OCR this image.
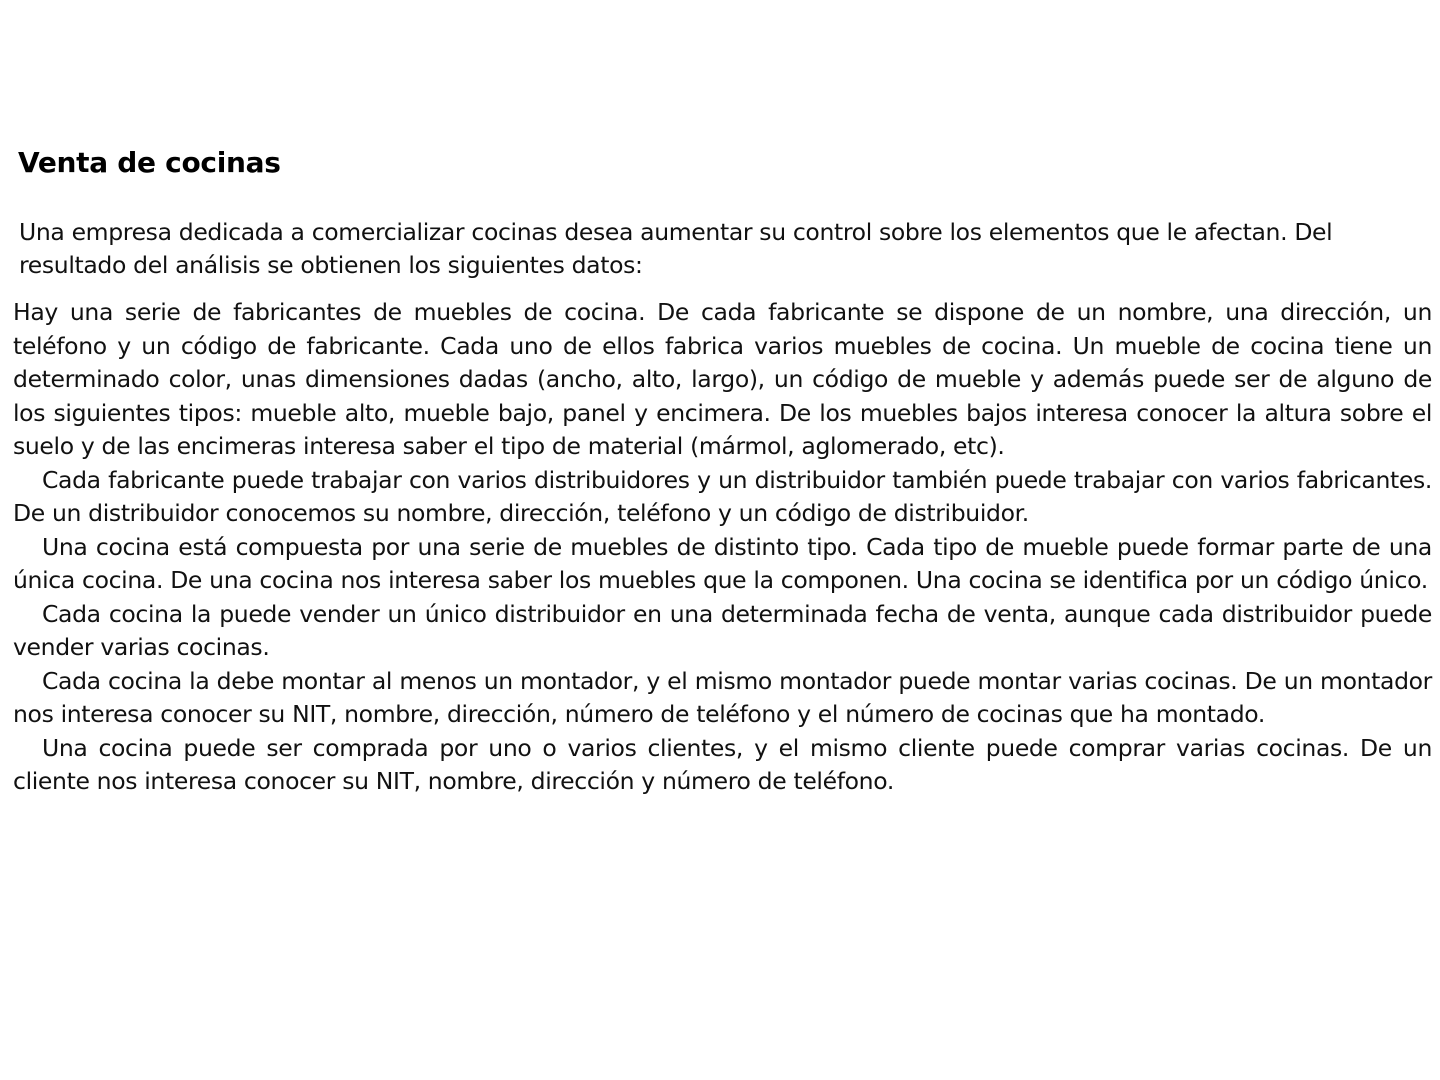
Venta de cocinas

Una empresa dedicada a comercializar cocinas desea aumentar su control sobre los elementos que le afectan. Del resultado del análisis se obtienen los siguientes datos:

Hay una serie de fabricantes de muebles de cocina. De cada fabricante se dispone de un nombre, una dirección, un teléfono y un código de fabricante. Cada uno de ellos fabrica varios muebles de cocina. Un mueble de cocina tiene un determinado color, unas dimensiones dadas (ancho, alto, largo), un código de mueble y además puede ser de alguno de los siguientes tipos: mueble alto, mueble bajo, panel y encimera. De los muebles bajos interesa conocer la altura sobre el suelo y de las encimeras interesa saber el tipo de material (mármol, aglomerado, etc).

Cada fabricante puede trabajar con varios distribuidores y un distribuidor también puede trabajar con varios fabricantes. De un distribuidor conocemos su nombre, dirección, teléfono y un código de distribuidor.

Una cocina está compuesta por una serie de muebles de distinto tipo. Cada tipo de mueble puede formar parte de una única cocina. De una cocina nos interesa saber los muebles que la componen. Una cocina se identifica por un código único.

Cada cocina la puede vender un único distribuidor en una determinada fecha de venta, aunque cada distribuidor puede vender varias cocinas.

Cada cocina la debe montar al menos un montador, y el mismo montador puede montar varias cocinas. De un montador nos interesa conocer su NIT, nombre, dirección, número de teléfono y el número de cocinas que ha montado.

Una cocina puede ser comprada por uno o varios clientes, y el mismo cliente puede comprar varias cocinas. De un cliente nos interesa conocer su NIT, nombre, dirección y número de teléfono.
